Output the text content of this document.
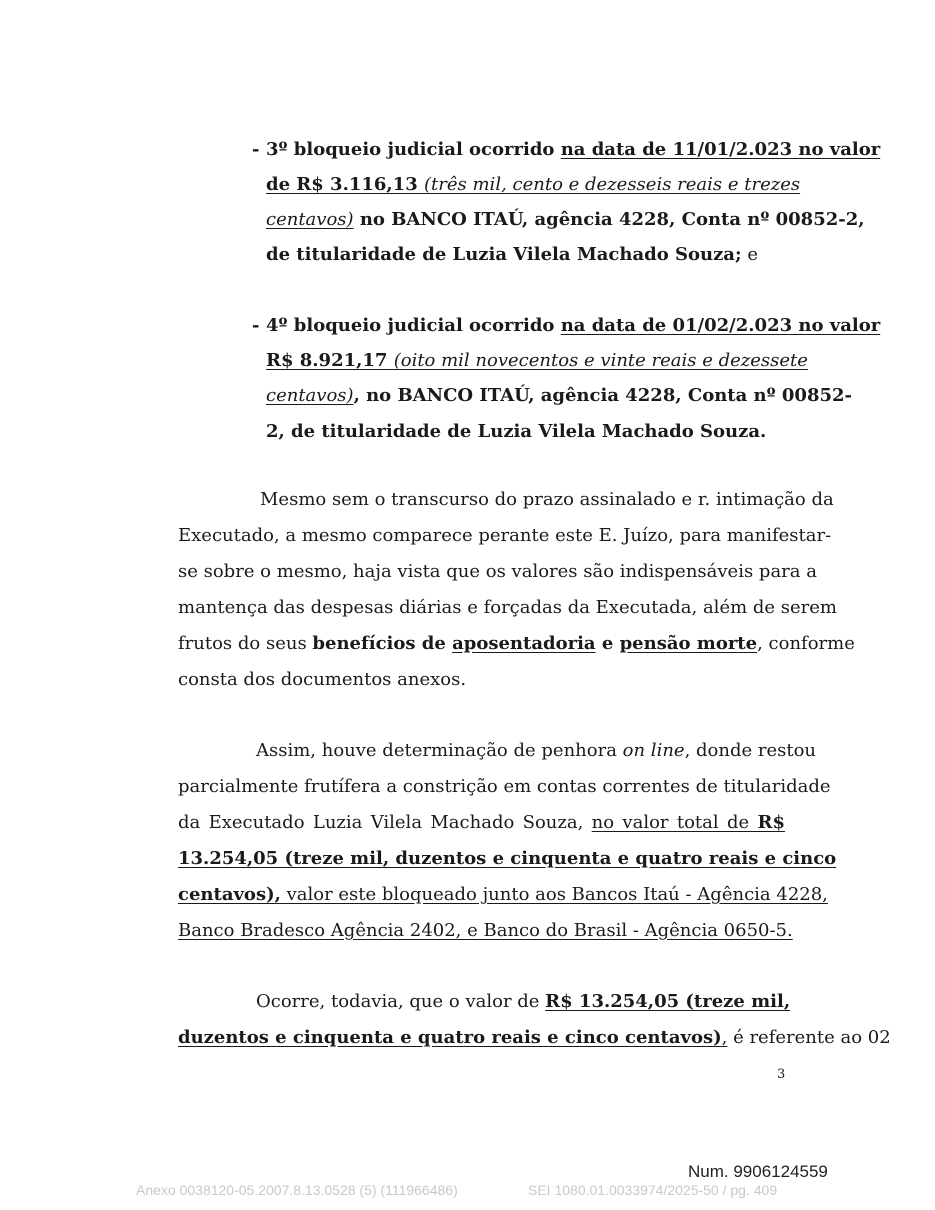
- 3º bloqueio judicial ocorrido na data de 11/01/2.023 no valor
de R$ 3.116,13 (três mil, cento e dezesseis reais e trezes
centavos) no BANCO ITAÚ, agência 4228, Conta nº 00852-2,
de titularidade de Luzia Vilela Machado Souza; e
- 4º bloqueio judicial ocorrido na data de 01/02/2.023 no valor
R$ 8.921,17 (oito mil novecentos e vinte reais e dezessete
centavos), no BANCO ITAÚ, agência 4228, Conta nº 00852-
2, de titularidade de Luzia Vilela Machado Souza.
Mesmo sem o transcurso do prazo assinalado e r. intimação da
Executado, a mesmo comparece perante este E. Juízo, para manifestar-
se sobre o mesmo, haja vista que os valores são indispensáveis para a
mantença das despesas diárias e forçadas da Executada, além de serem
frutos do seus benefícios de aposentadoria e pensão morte, conforme
consta dos documentos anexos.
Assim, houve determinação de penhora on line, donde restou
parcialmente frutífera a constrição em contas correntes de titularidade
da Executado Luzia Vilela Machado Souza, no valor total de R$
13.254,05 (treze mil, duzentos e cinquenta e quatro reais e cinco
centavos), valor este bloqueado junto aos Bancos Itaú - Agência 4228,
Banco Bradesco Agência 2402, e Banco do Brasil - Agência 0650-5.
Ocorre, todavia, que o valor de R$ 13.254,05 (treze mil,
duzentos e cinquenta e quatro reais e cinco centavos), é referente ao 02
3
Num. 9906124559
Anexo 0038120-05.2007.8.13.0528 (5) (111966486)	SEI 1080.01.0033974/2025-50 / pg. 409
